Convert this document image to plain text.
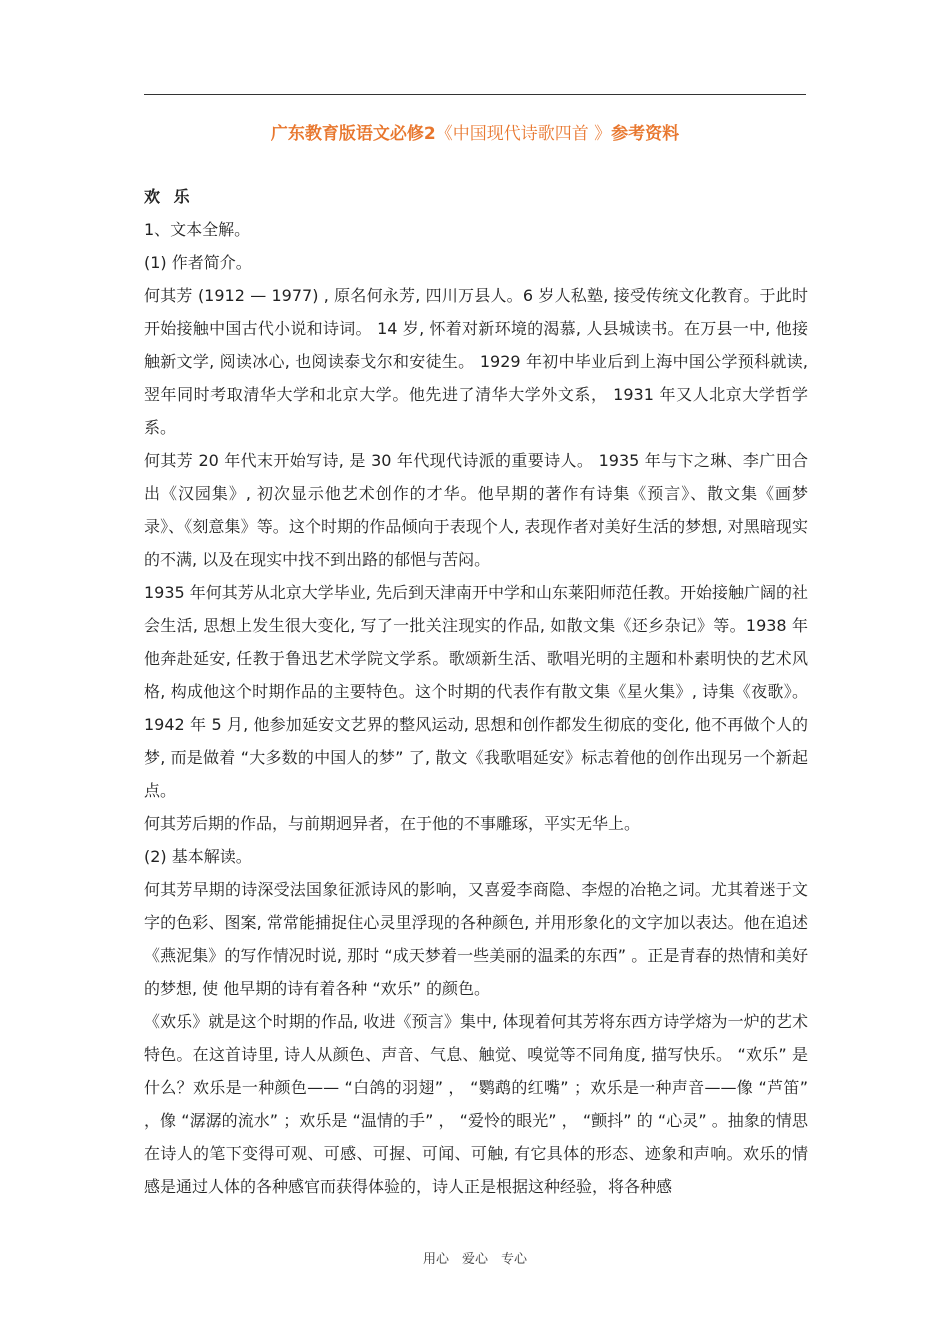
广东教育版语文必修2《中国现代诗歌四首 》参考资料

欢 乐

1、文本全解。

(1) 作者简介。

何其芳 (1912 — 1977) , 原名何永芳, 四川万县人。6 岁人私塾, 接受传统文化教育。于此时开始接触中国古代小说和诗词。 14 岁, 怀着对新环境的渴慕, 人县城读书。在万县一中, 他接触新文学, 阅读冰心, 也阅读泰戈尔和安徒生。 1929 年初中毕业后到上海中国公学预科就读, 翌年同时考取清华大学和北京大学。他先进了清华大学外文系， 1931 年又人北京大学哲学系。

何其芳 20 年代末开始写诗, 是 30 年代现代诗派的重要诗人。 1935 年与卞之琳、李广田合出《汉园集》, 初次显示他艺术创作的才华。他早期的著作有诗集《预言》、散文集《画梦录》、《刻意集》等。这个时期的作品倾向于表现个人, 表现作者对美好生活的梦想, 对黑暗现实的不满, 以及在现实中找不到出路的郁悒与苦闷。

1935 年何其芳从北京大学毕业, 先后到天津南开中学和山东莱阳师范任教。开始接触广阔的社会生活, 思想上发生很大变化, 写了一批关注现实的作品, 如散文集《还乡杂记》等。1938 年他奔赴延安, 任教于鲁迅艺术学院文学系。歌颂新生活、歌唱光明的主题和朴素明快的艺术风格, 构成他这个时期作品的主要特色。这个时期的代表作有散文集《星火集》, 诗集《夜歌》。1942 年 5 月, 他参加延安文艺界的整风运动, 思想和创作都发生彻底的变化, 他不再做个人的梦, 而是做着 “大多数的中国人的梦” 了, 散文《我歌唱延安》标志着他的创作出现另一个新起点。

何其芳后期的作品，与前期迥异者，在于他的不事雕琢，平实无华上。

(2) 基本解读。

何其芳早期的诗深受法国象征派诗风的影响，又喜爱李商隐、李煜的冶艳之词。尤其着迷于文字的色彩、图案, 常常能捕捉住心灵里浮现的各种颜色, 并用形象化的文字加以表达。他在追述《燕泥集》的写作情况时说, 那时 “成天梦着一些美丽的温柔的东西” 。正是青春的热情和美好的梦想, 使 他早期的诗有着各种 “欢乐” 的颜色。

《欢乐》就是这个时期的作品, 收进《预言》集中, 体现着何其芳将东西方诗学熔为一炉的艺术特色。在这首诗里, 诗人从颜色、声音、气息、触觉、嗅觉等不同角度, 描写快乐。 “欢乐” 是什么？欢乐是一种颜色—— “白鸽的羽翅” ， “鹦鹉的红嘴” ；欢乐是一种声音——像 “芦笛” ，像 “潺潺的流水” ；欢乐是 “温情的手” ， “爱怜的眼光” ， “颤抖” 的 “心灵” 。抽象的情思在诗人的笔下变得可观、可感、可握、可闻、可触, 有它具体的形态、迹象和声响。欢乐的情感是通过人体的各种感官而获得体验的，诗人正是根据这种经验，将各种感

用心　爱心　专心
